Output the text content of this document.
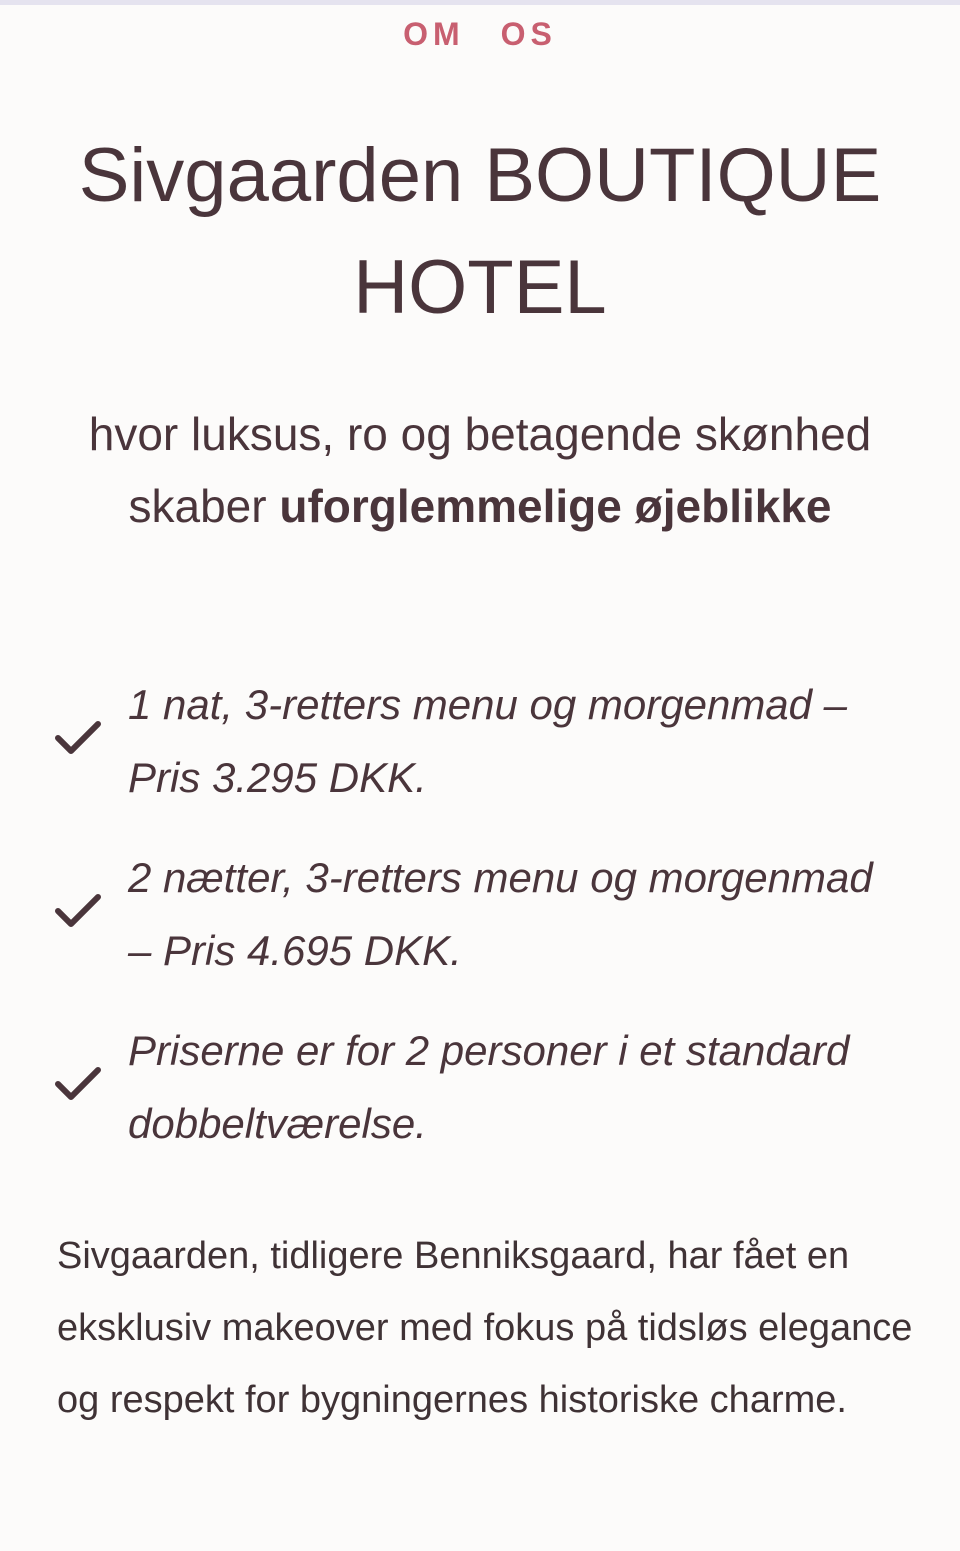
OM OS
Sivgaarden BOUTIQUE HOTEL

hvor luksus, ro og betagende skønhed skaber uforglemmelige øjeblikke

1 nat, 3-retters menu og morgenmad – Pris 3.295 DKK.
2 nætter, 3-retters menu og morgenmad – Pris 4.695 DKK.
Priserne er for 2 personer i et standard dobbeltværelse.

Sivgaarden, tidligere Benniksgaard, har fået en eksklusiv makeover med fokus på tidsløs elegance og respekt for bygningernes historiske charme.
